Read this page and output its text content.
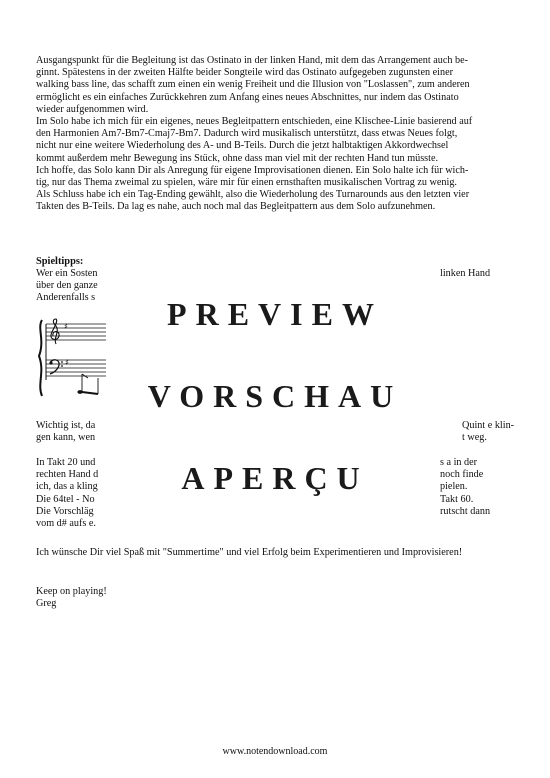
Ausgangspunkt für die Begleitung ist das Ostinato in der linken Hand, mit dem das Arrangement auch be-
ginnt. Spätestens in der zweiten Hälfte beider Songteile wird das Ostinato aufgegeben zugunsten einer
walking bass line, das schafft zum einen ein wenig Freiheit und die Illusion von "Loslassen", zum anderen
ermöglicht es ein einfaches Zurückkehren zum Anfang eines neues Abschnittes, nur indem das Ostinato
wieder aufgenommen wird.
Im Solo habe ich mich für ein eigenes, neues Begleitpattern entschieden, eine Klischee-Linie basierend auf
den Harmonien Am7-Bm7-Cmaj7-Bm7. Dadurch wird musikalisch unterstützt, dass etwas Neues folgt,
nicht nur eine weitere Wiederholung des A- und B-Teils. Durch die jetzt halbtaktigen Akkordwechsel
kommt außerdem mehr Bewegung ins Stück, ohne dass man viel mit der rechten Hand tun müsste.
Ich hoffe, das Solo kann Dir als Anregung für eigene Improvisationen dienen. Ein Solo halte ich für wich-
tig, nur das Thema zweimal zu spielen, wäre mir für einen ernsthaften musikalischen Vortrag zu wenig.
Als Schluss habe ich ein Tag-Ending gewählt, also die Wiederholung des Turnarounds aus den letzten vier
Takten des B-Teils. Da lag es nahe, auch noch mal das Begleitpattern aus dem Solo aufzunehmen.
Spieltipps:
Wer ein Sosten
über den ganze
Anderenfalls s
linken Hand
♯
♯
Wichtig ist, da
gen kann, wen
Quint e klin-
t weg.
In Takt 20 und
rechten Hand d
ich, das a kling
Die 64tel - No
Die Vorschläg
vom d# aufs e.
s a in der
noch finde
pielen.
Takt 60.
rutscht dann

Ich wünsche Dir viel Spaß mit "Summertime" und viel Erfolg beim Experimentieren und Improvisieren!
Keep on playing!
Greg
PREVIEW
VORSCHAU
APERÇU
www.notendownload.com
